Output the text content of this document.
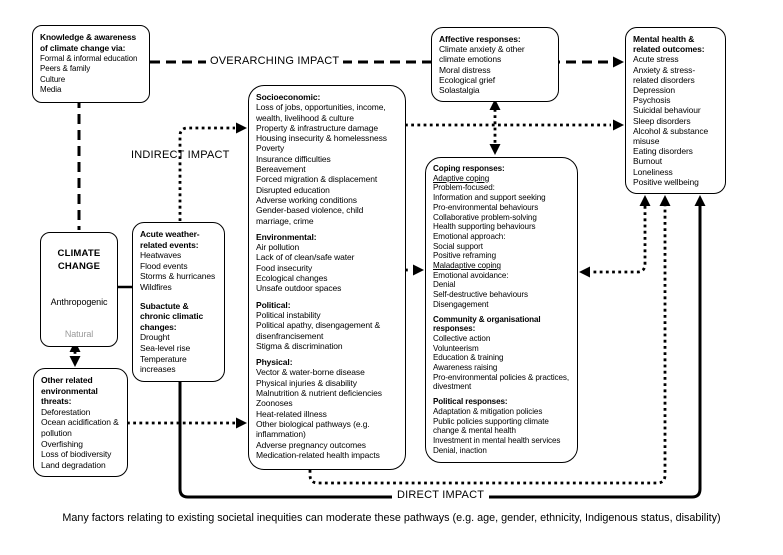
Knowledge & awareness of climate change via:
Formal & informal education
Peers & family
Culture
Media
CLIMATE CHANGE
Anthropogenic
Natural
Acute weather-related events:
Heatwaves
Flood events
Storms & hurricanes
Wildfires
Subactute & chronic climatic changes:
Drought
Sea-level rise
Temperature increases
Other related environmental threats:
Deforestation
Ocean acidification & pollution
Overfishing
Loss of biodiversity
Land degradation
Socioeconomic:
Loss of jobs, opportunities, income, wealth, livelihood & culture
Property & infrastructure damage
Housing insecurity & homelessness
Poverty
Insurance difficulties
Bereavement
Forced migration & displacement
Disrupted education
Adverse working conditions
Gender-based violence, child marriage, crime
Environmental:
Air pollution
Lack of of clean/safe water
Food insecurity
Ecological changes
Unsafe outdoor spaces
Political:
Political instability
Political apathy, disengagement & disenfrancisement
Stigma & discrimination
Physical:
Vector & water-borne disease
Physical injuries & disability
Malnutrition & nutrient deficiencies
Zoonoses
Heat-related illness
Other biological pathways (e.g. inflammation)
Adverse pregnancy outcomes
Medication-related health impacts
Affective responses:
Climate anxiety & other climate emotions
Moral distress
Ecological grief
Solastalgia
Coping responses:
Adaptive coping
Problem-focused:
Information and support seeking
Pro-environmental behaviours
Collaborative problem-solving
Health supporting behaviours
Emotional approach:
Social support
Positive reframing
Maladaptive coping
Emotional avoidance:
Denial
Self-destructive behaviours
Disengagement
Community & organisational responses:
Collective action
Volunteerism
Education & training
Awareness raising
Pro-environmental policies & practices, divestment
Political responses:
Adaptation & mitigation policies
Public policies supporting climate change & mental health
Investment in mental health services
Denial, inaction
Mental health & related outcomes:
Acute stress
Anxiety & stress-related disorders
Depression
Psychosis
Suicidal behaviour
Sleep disorders
Alcohol & substance misuse
Eating disorders
Burnout
Loneliness
Positive wellbeing
OVERARCHING IMPACT
INDIRECT IMPACT
DIRECT IMPACT
Many factors relating to existing societal inequities can moderate these pathways (e.g. age, gender, ethnicity, Indigenous status, disability)
